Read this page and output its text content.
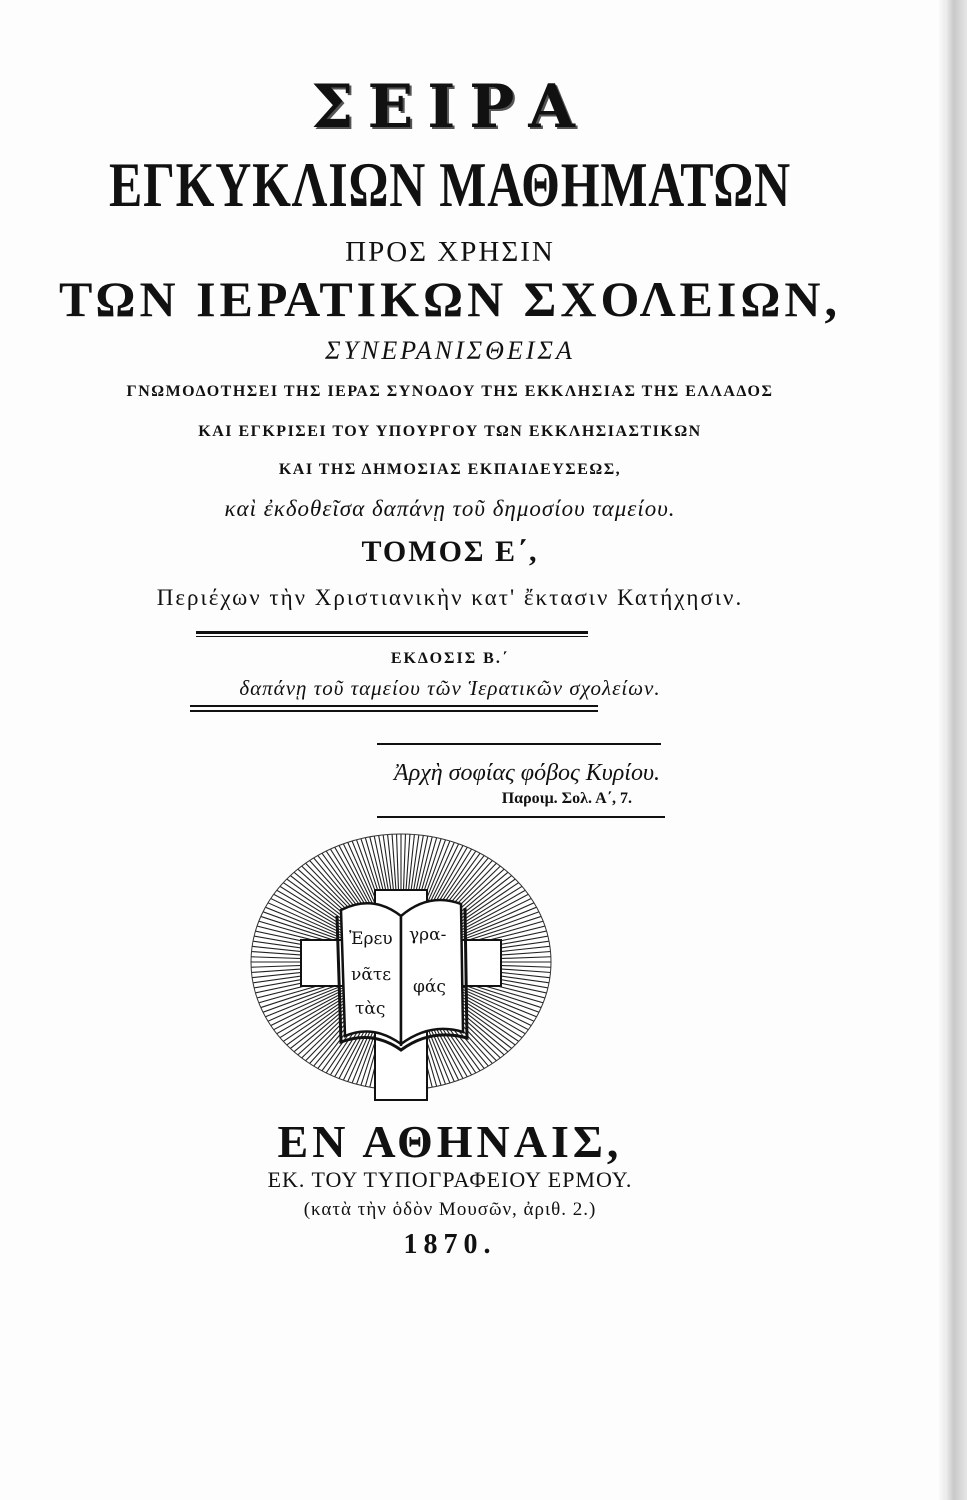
ΣΕΙΡΑ
ΕΓΚΥΚΛΙΩΝ ΜΑΘΗΜΑΤΩΝ
ΠΡΟΣ ΧΡΗΣΙΝ
ΤΩΝ ΙΕΡΑΤΙΚΩΝ ΣΧΟΛΕΙΩΝ,
ΣΥΝΕΡΑΝΙΣΘΕΙΣΑ
ΓΝΩΜΟΔΟΤΗΣΕΙ ΤΗΣ ΙΕΡΑΣ ΣΥΝΟΔΟΥ ΤΗΣ ΕΚΚΛΗΣΙΑΣ ΤΗΣ ΕΛΛΑΔΟΣ
ΚΑΙ ΕΓΚΡΙΣΕΙ ΤΟΥ ΥΠΟΥΡΓΟΥ ΤΩΝ ΕΚΚΛΗΣΙΑΣΤΙΚΩΝ
ΚΑΙ ΤΗΣ ΔΗΜΟΣΙΑΣ ΕΚΠΑΙΔΕΥΣΕΩΣ,
καὶ ἐκδοθεῖσα δαπάνῃ τοῦ δημοσίου ταμείου.
ΤΟΜΟΣ Ε΄,
Περιέχων τὴν Χριστιανικὴν κατ' ἔκτασιν Κατήχησιν.
ΕΚΔΟΣΙΣ Β.΄
δαπάνῃ τοῦ ταμείου τῶν Ἱερατικῶν σχολείων.
Ἀρχὴ σοφίας φόβος Κυρίου.
Παροιμ. Σολ. Α΄, 7.
Ἐρευ
νᾶτε
τὰς
γρα-
φάς
ΕΝ ΑΘΗΝΑΙΣ,
ΕΚ. ΤΟΥ ΤΥΠΟΓΡΑΦΕΙΟΥ ΕΡΜΟΥ.
(κατὰ τὴν ὁδὸν Μουσῶν, ἀριθ. 2.)
1870.
